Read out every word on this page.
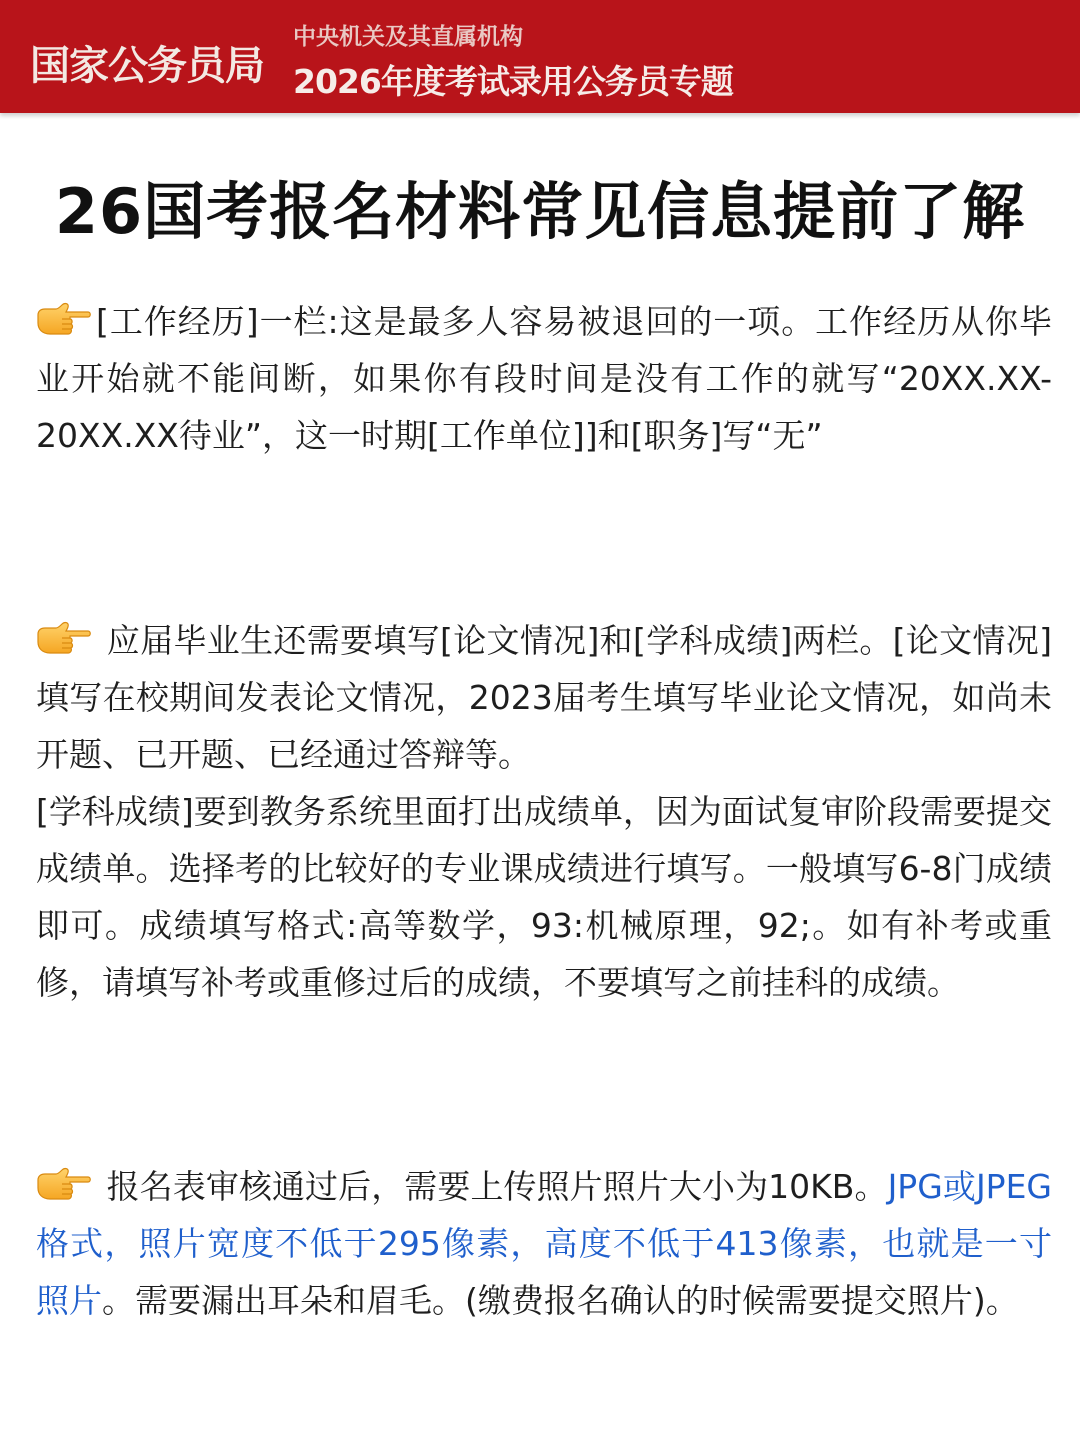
国家公务员局
中央机关及其直属机构
2026年度考试录用公务员专题
26国考报名材料常见信息提前了解

[工作经历]一栏:这是最多人容易被退回的一项。工作经历从你毕业开始就不能间断，如果你有段时间是没有工作的就写“20XX.XX-20XX.XX待业”，这一时期[工作单位]]和[职务]写“无”

应届毕业生还需要填写[论文情况]和[学科成绩]两栏。[论文情况]填写在校期间发表论文情况，2023届考生填写毕业论文情况，如尚未开题、已开题、已经通过答辩等。

[学科成绩]要到教务系统里面打出成绩单，因为面试复审阶段需要提交成绩单。选择考的比较好的专业课成绩进行填写。一般填写6-8门成绩即可。成绩填写格式:高等数学，93:机械原理，92;。如有补考或重修，请填写补考或重修过后的成绩，不要填写之前挂科的成绩。

报名表审核通过后，需要上传照片照片大小为10KB。JPG或JPEG格式，照片宽度不低于295像素，高度不低于413像素，也就是一寸照片。需要漏出耳朵和眉毛。(缴费报名确认的时候需要提交照片)。
